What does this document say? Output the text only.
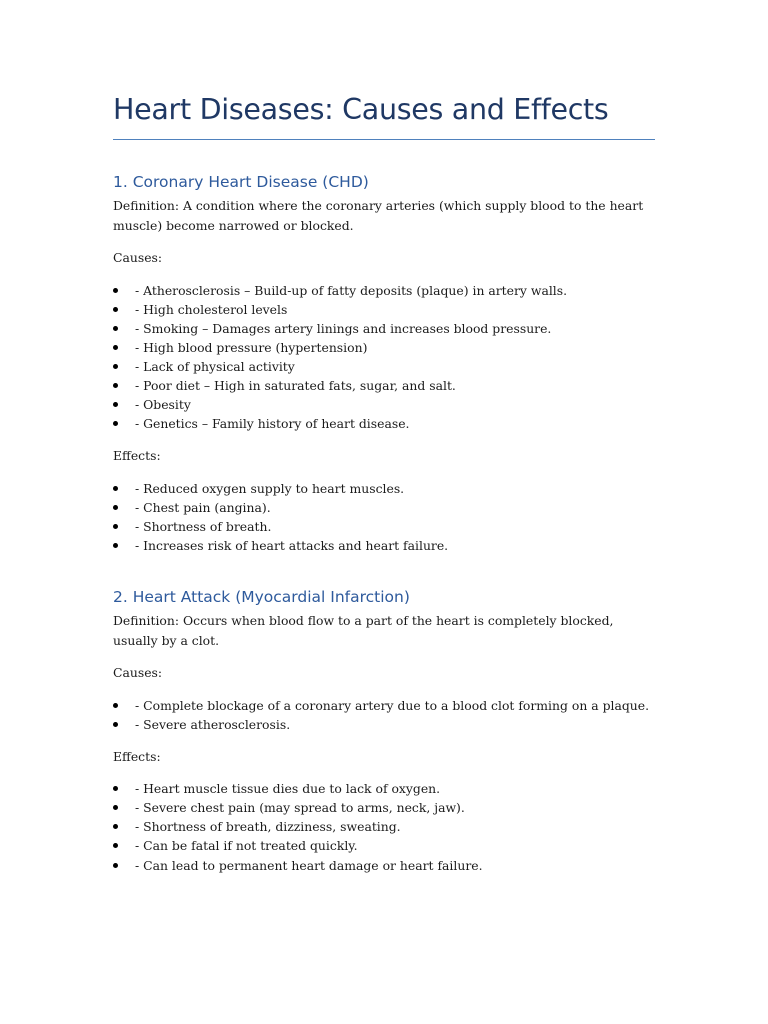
Heart Diseases: Causes and Effects
1. Coronary Heart Disease (CHD)

Definition: A condition where the coronary arteries (which supply blood to the heart muscle) become narrowed or blocked.

Causes:

- Atherosclerosis – Build-up of fatty deposits (plaque) in artery walls.
- High cholesterol levels
- Smoking – Damages artery linings and increases blood pressure.
- High blood pressure (hypertension)
- Lack of physical activity
- Poor diet – High in saturated fats, sugar, and salt.
- Obesity
- Genetics – Family history of heart disease.

Effects:

- Reduced oxygen supply to heart muscles.
- Chest pain (angina).
- Shortness of breath.
- Increases risk of heart attacks and heart failure.
2. Heart Attack (Myocardial Infarction)

Definition: Occurs when blood flow to a part of the heart is completely blocked, usually by a clot.

Causes:

- Complete blockage of a coronary artery due to a blood clot forming on a plaque.
- Severe atherosclerosis.

Effects:

- Heart muscle tissue dies due to lack of oxygen.
- Severe chest pain (may spread to arms, neck, jaw).
- Shortness of breath, dizziness, sweating.
- Can be fatal if not treated quickly.
- Can lead to permanent heart damage or heart failure.
